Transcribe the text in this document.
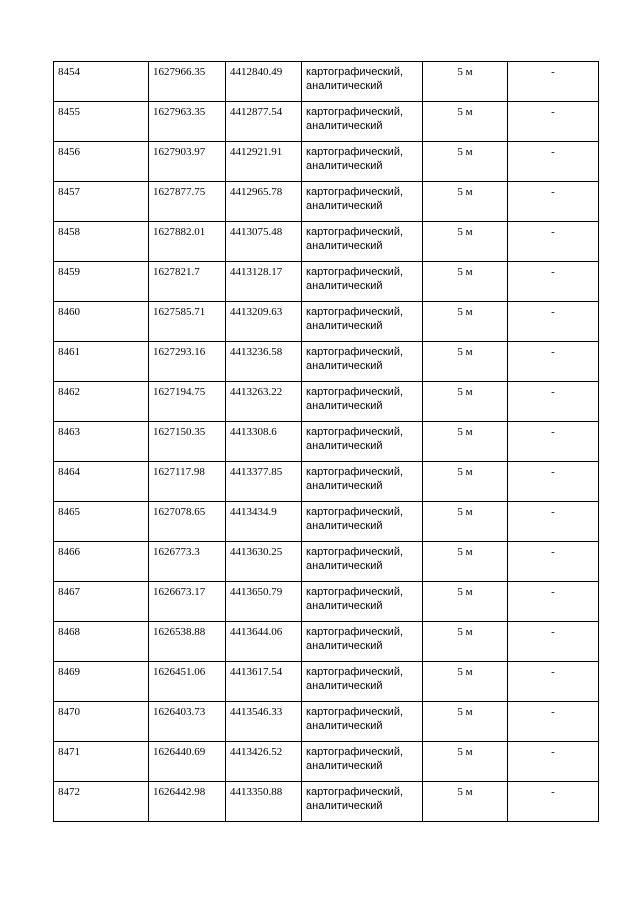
8454	1627966.35	4412840.49	картографический, аналитический	5 м	-
8455	1627963.35	4412877.54	картографический, аналитический	5 м	-
8456	1627903.97	4412921.91	картографический, аналитический	5 м	-
8457	1627877.75	4412965.78	картографический, аналитический	5 м	-
8458	1627882.01	4413075.48	картографический, аналитический	5 м	-
8459	1627821.7	4413128.17	картографический, аналитический	5 м	-
8460	1627585.71	4413209.63	картографический, аналитический	5 м	-
8461	1627293.16	4413236.58	картографический, аналитический	5 м	-
8462	1627194.75	4413263.22	картографический, аналитический	5 м	-
8463	1627150.35	4413308.6	картографический, аналитический	5 м	-
8464	1627117.98	4413377.85	картографический, аналитический	5 м	-
8465	1627078.65	4413434.9	картографический, аналитический	5 м	-
8466	1626773.3	4413630.25	картографический, аналитический	5 м	-
8467	1626673.17	4413650.79	картографический, аналитический	5 м	-
8468	1626538.88	4413644.06	картографический, аналитический	5 м	-
8469	1626451.06	4413617.54	картографический, аналитический	5 м	-
8470	1626403.73	4413546.33	картографический, аналитический	5 м	-
8471	1626440.69	4413426.52	картографический, аналитический	5 м	-
8472	1626442.98	4413350.88	картографический, аналитический	5 м	-
